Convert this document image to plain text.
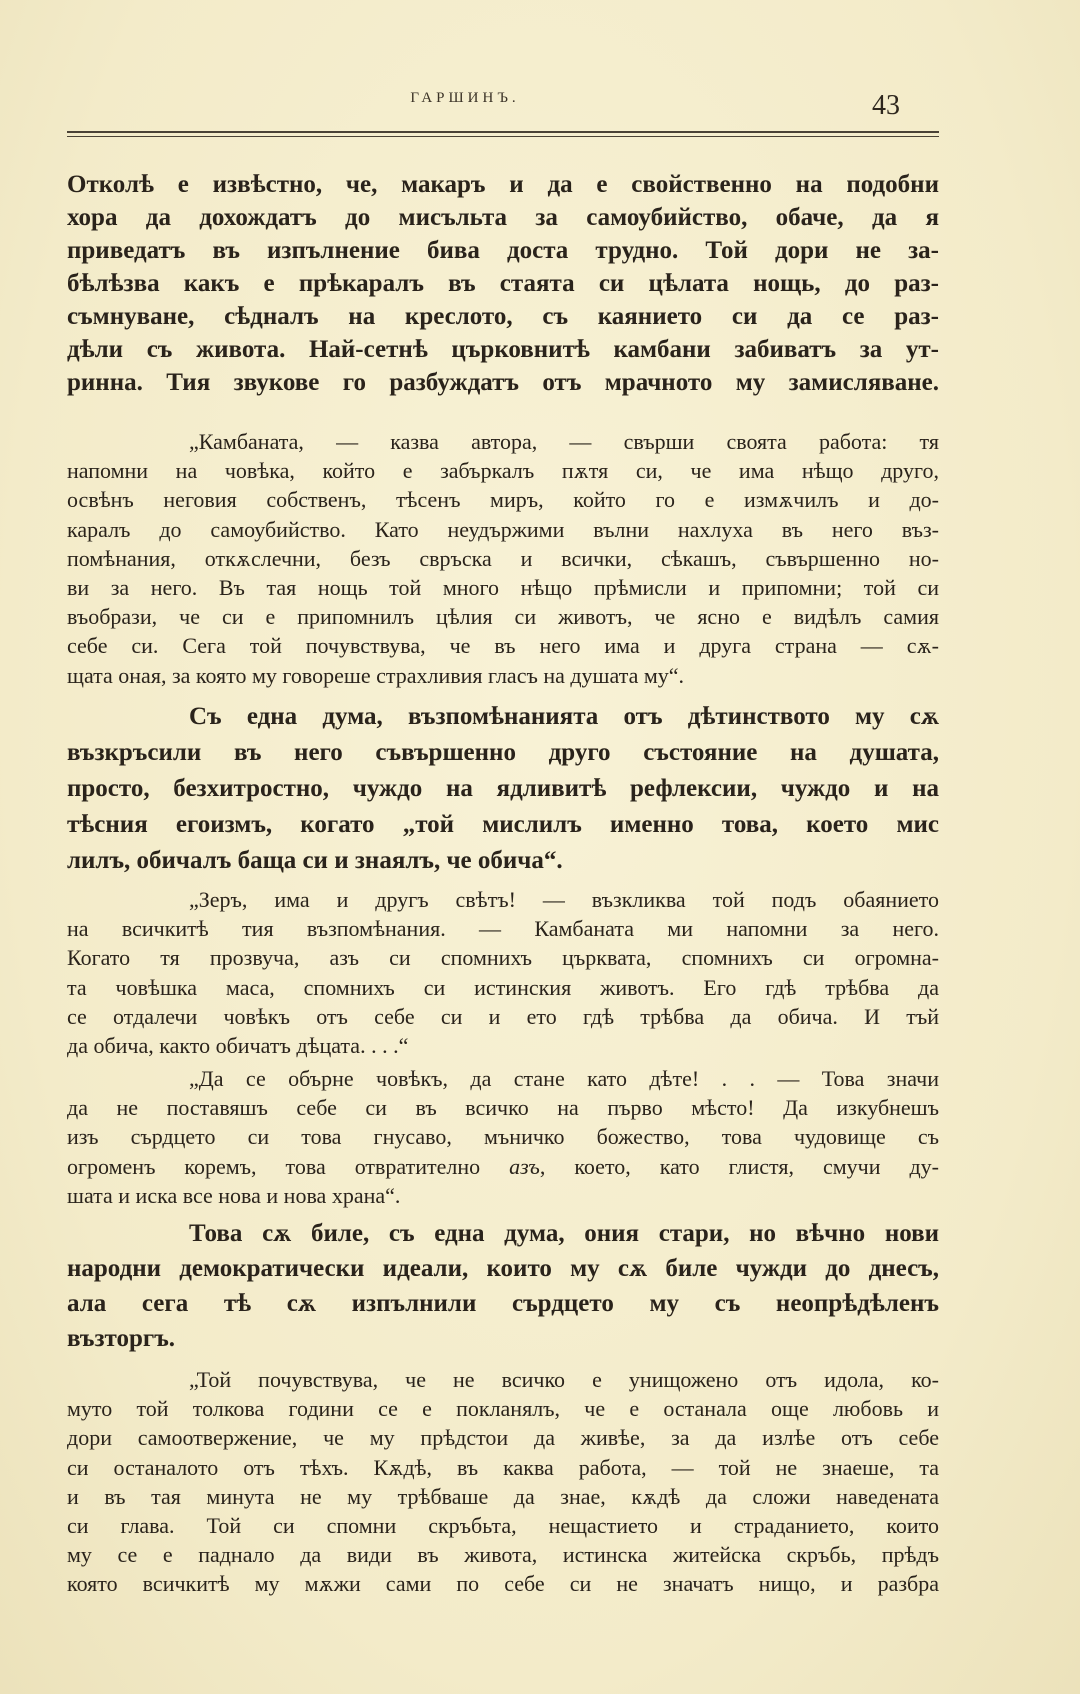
ГАРШИНЪ.	43
Отколѣ е извѣстно, че, макаръ и да е свойственно на подобни
хора да дохождатъ до мисъльта за самоубийство, обаче, да я
приведатъ въ изпълнение бива доста трудно. Той дори не за-
бѣлѣзва какъ е прѣкаралъ въ стаята си цѣлата нощь, до раз-
съмнуване, сѣдналъ на креслото, съ каянието си да се раз-
дѣли съ живота. Най-сетнѣ църковнитѣ камбани забиватъ за ут-
ринна. Тия звукове го разбуждатъ отъ мрачното му замисляване.
„Камбаната, — казва автора, — свърши своята работа: тя
напомни на човѣка, който е забъркалъ пѫтя си, че има нѣщо друго,
освѣнъ неговия собственъ, тѣсенъ миръ, който го е измѫчилъ и до-
каралъ до самоубийство. Като неудържими вълни нахлуха въ него въз-
помѣнания, откѫслечни, безъ свръска и всички, сѣкашъ, съвършенно но-
ви за него. Въ тая нощь той много нѣщо прѣмисли и припомни; той си
въобрази, че си е припомнилъ цѣлия си животъ, че ясно е видѣлъ самия
себе си. Сега той почувствува, че въ него има и друга страна — сѫ-
щата оная, за която му говореше страхливия гласъ на душата му“.
Съ една дума, възпомѣнанията отъ дѣтинството му сѫ
възкръсили въ него съвършенно друго състояние на душата,
просто, безхитростно, чуждо на ядливитѣ рефлексии, чуждо и на
тѣсния егоизмъ, когато „той мислилъ именно това, което мис
лилъ, обичалъ баща си и знаялъ, че обича“.
„Зеръ, има и другъ свѣтъ! — възкликва той подъ обаянието
на всичкитѣ тия възпомѣнания. — Камбаната ми напомни за него.
Когато тя прозвуча, азъ си спомнихъ църквата, спомнихъ си огромна-
та човѣшка маса, спомнихъ си истинския животъ. Его гдѣ трѣбва да
се отдалечи човѣкъ отъ себе си и ето гдѣ трѣбва да обича. И тъй
да обича, както обичатъ дѣцата. . . .“
„Да се обърне човѣкъ, да стане като дѣте! . . — Това значи
да не поставяшъ себе си въ всичко на първо мѣсто! Да изкубнешъ
изъ сърдцето си това гнусаво, мъничко божество, това чудовище съ
огроменъ коремъ, това отвратително азъ, което, като глистя, смучи ду-
шата и иска все нова и нова храна“.
Това сѫ биле, съ една дума, ония стари, но вѣчно нови
народни демократически идеали, които му сѫ биле чужди до днесъ,
ала сега тѣ сѫ изпълнили сърдцето му съ неопрѣдѣленъ
възторгъ.
„Той почувствува, че не всичко е унищожено отъ идола, ко-
муто той толкова години се е покланялъ, че е останала още любовь и
дори самоотвержение, че му прѣдстои да живѣе, за да излѣе отъ себе
си останалото отъ тѣхъ. Кѫдѣ, въ каква работа, — той не знаеше, та
и въ тая минута не му трѣбваше да знае, кѫдѣ да сложи наведената
си глава. Той си спомни скръбьта, нещастието и страданието, които
му се е паднало да види въ живота, истинска житейска скръбь, прѣдъ
която всичкитѣ му мѫжи сами по себе си не значатъ нищо, и разбра
